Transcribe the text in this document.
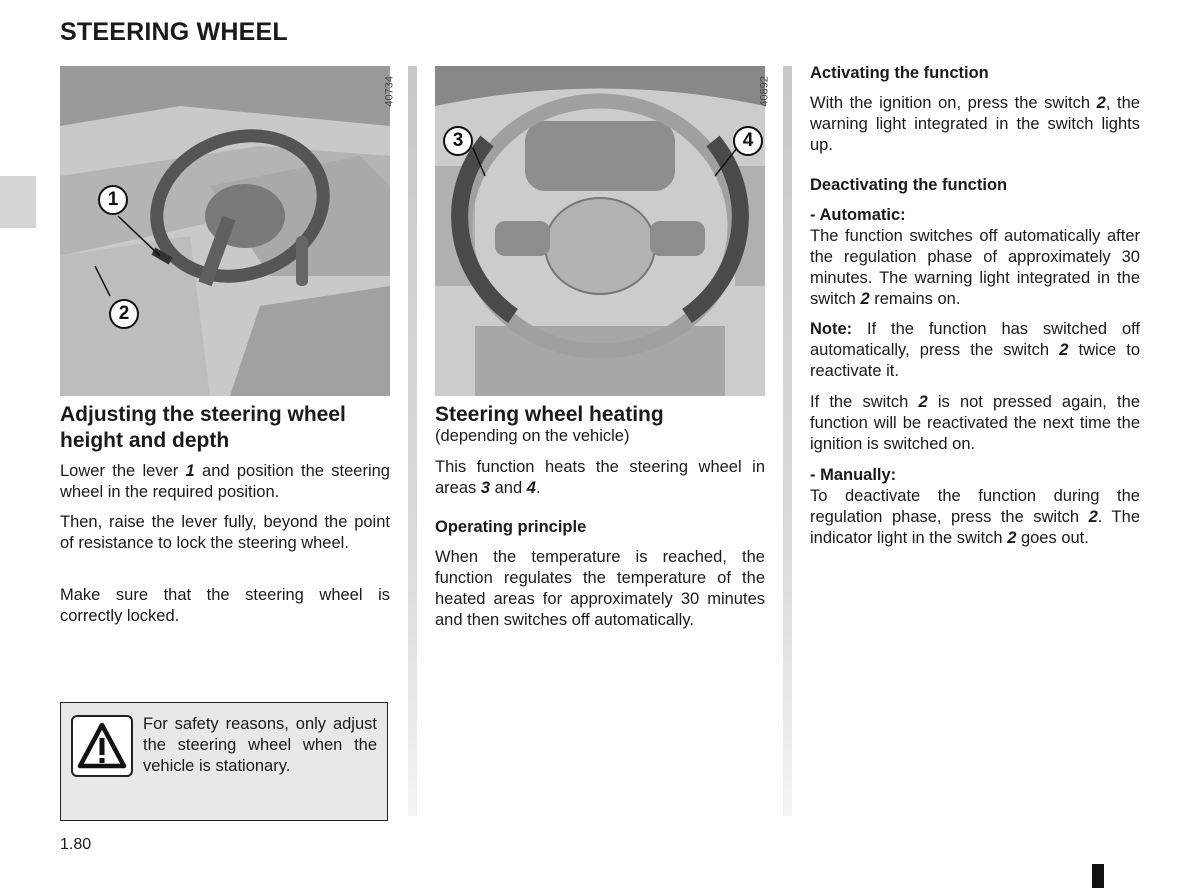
STEERING WHEEL
40734
1
2
40892
3	4
Adjusting the steering wheel height and depth
Lower the lever 1 and position the steering wheel in the required position.
Then, raise the lever fully, beyond the point of resistance to lock the steering wheel.
Make sure that the steering wheel is correctly locked.
For safety reasons, only adjust the steering wheel when the vehicle is stationary.
Steering wheel heating
(depending on the vehicle)
This function heats the steering wheel in areas 3 and 4.
Operating principle
When the temperature is reached, the function regulates the temperature of the heated areas for approximately 30 minutes and then switches off automatically.
Activating the function
With the ignition on, press the switch 2, the warning light integrated in the switch lights up.
Deactivating the function
- Automatic:
The function switches off automatically after the regulation phase of approximately 30 minutes. The warning light integrated in the switch 2 remains on.
Note: If the function has switched off automatically, press the switch 2 twice to reactivate it.
If the switch 2 is not pressed again, the function will be reactivated the next time the ignition is switched on.
- Manually:
To deactivate the function during the regulation phase, press the switch 2. The indicator light in the switch 2 goes out.
1.80
